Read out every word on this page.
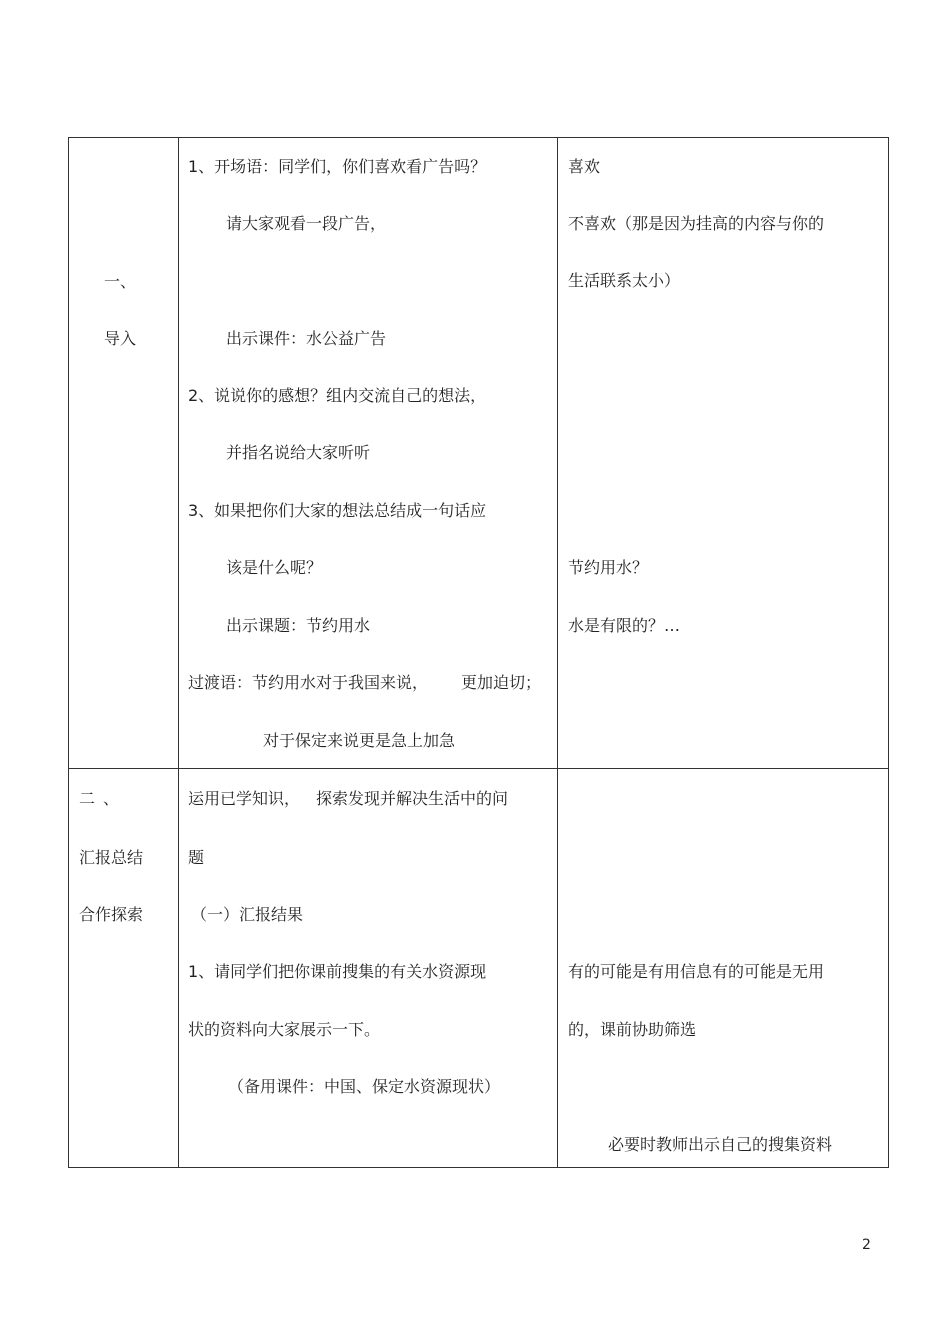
一、
导入
1、开场语：同学们，你们喜欢看广告吗？
请大家观看一段广告，
出示课件：水公益广告
2、说说你的感想？组内交流自己的想法，
并指名说给大家听听
3、如果把你们大家的想法总结成一句话应
该是什么呢？
出示课题：节约用水
过渡语：节约用水对于我国来说， 更加迫切；
对于保定来说更是急上加急
喜欢
不喜欢（那是因为挂高的内容与你的
生活联系太小）
节约用水？
水是有限的？…
二、
汇报总结
合作探索
运用已学知识， 探索发现并解决生活中的问
题
（一）汇报结果
1、请同学们把你课前搜集的有关水资源现
状的资料向大家展示一下。
（备用课件：中国、保定水资源现状）
有的可能是有用信息有的可能是无用
的，课前协助筛选
必要时教师出示自己的搜集资料
2
